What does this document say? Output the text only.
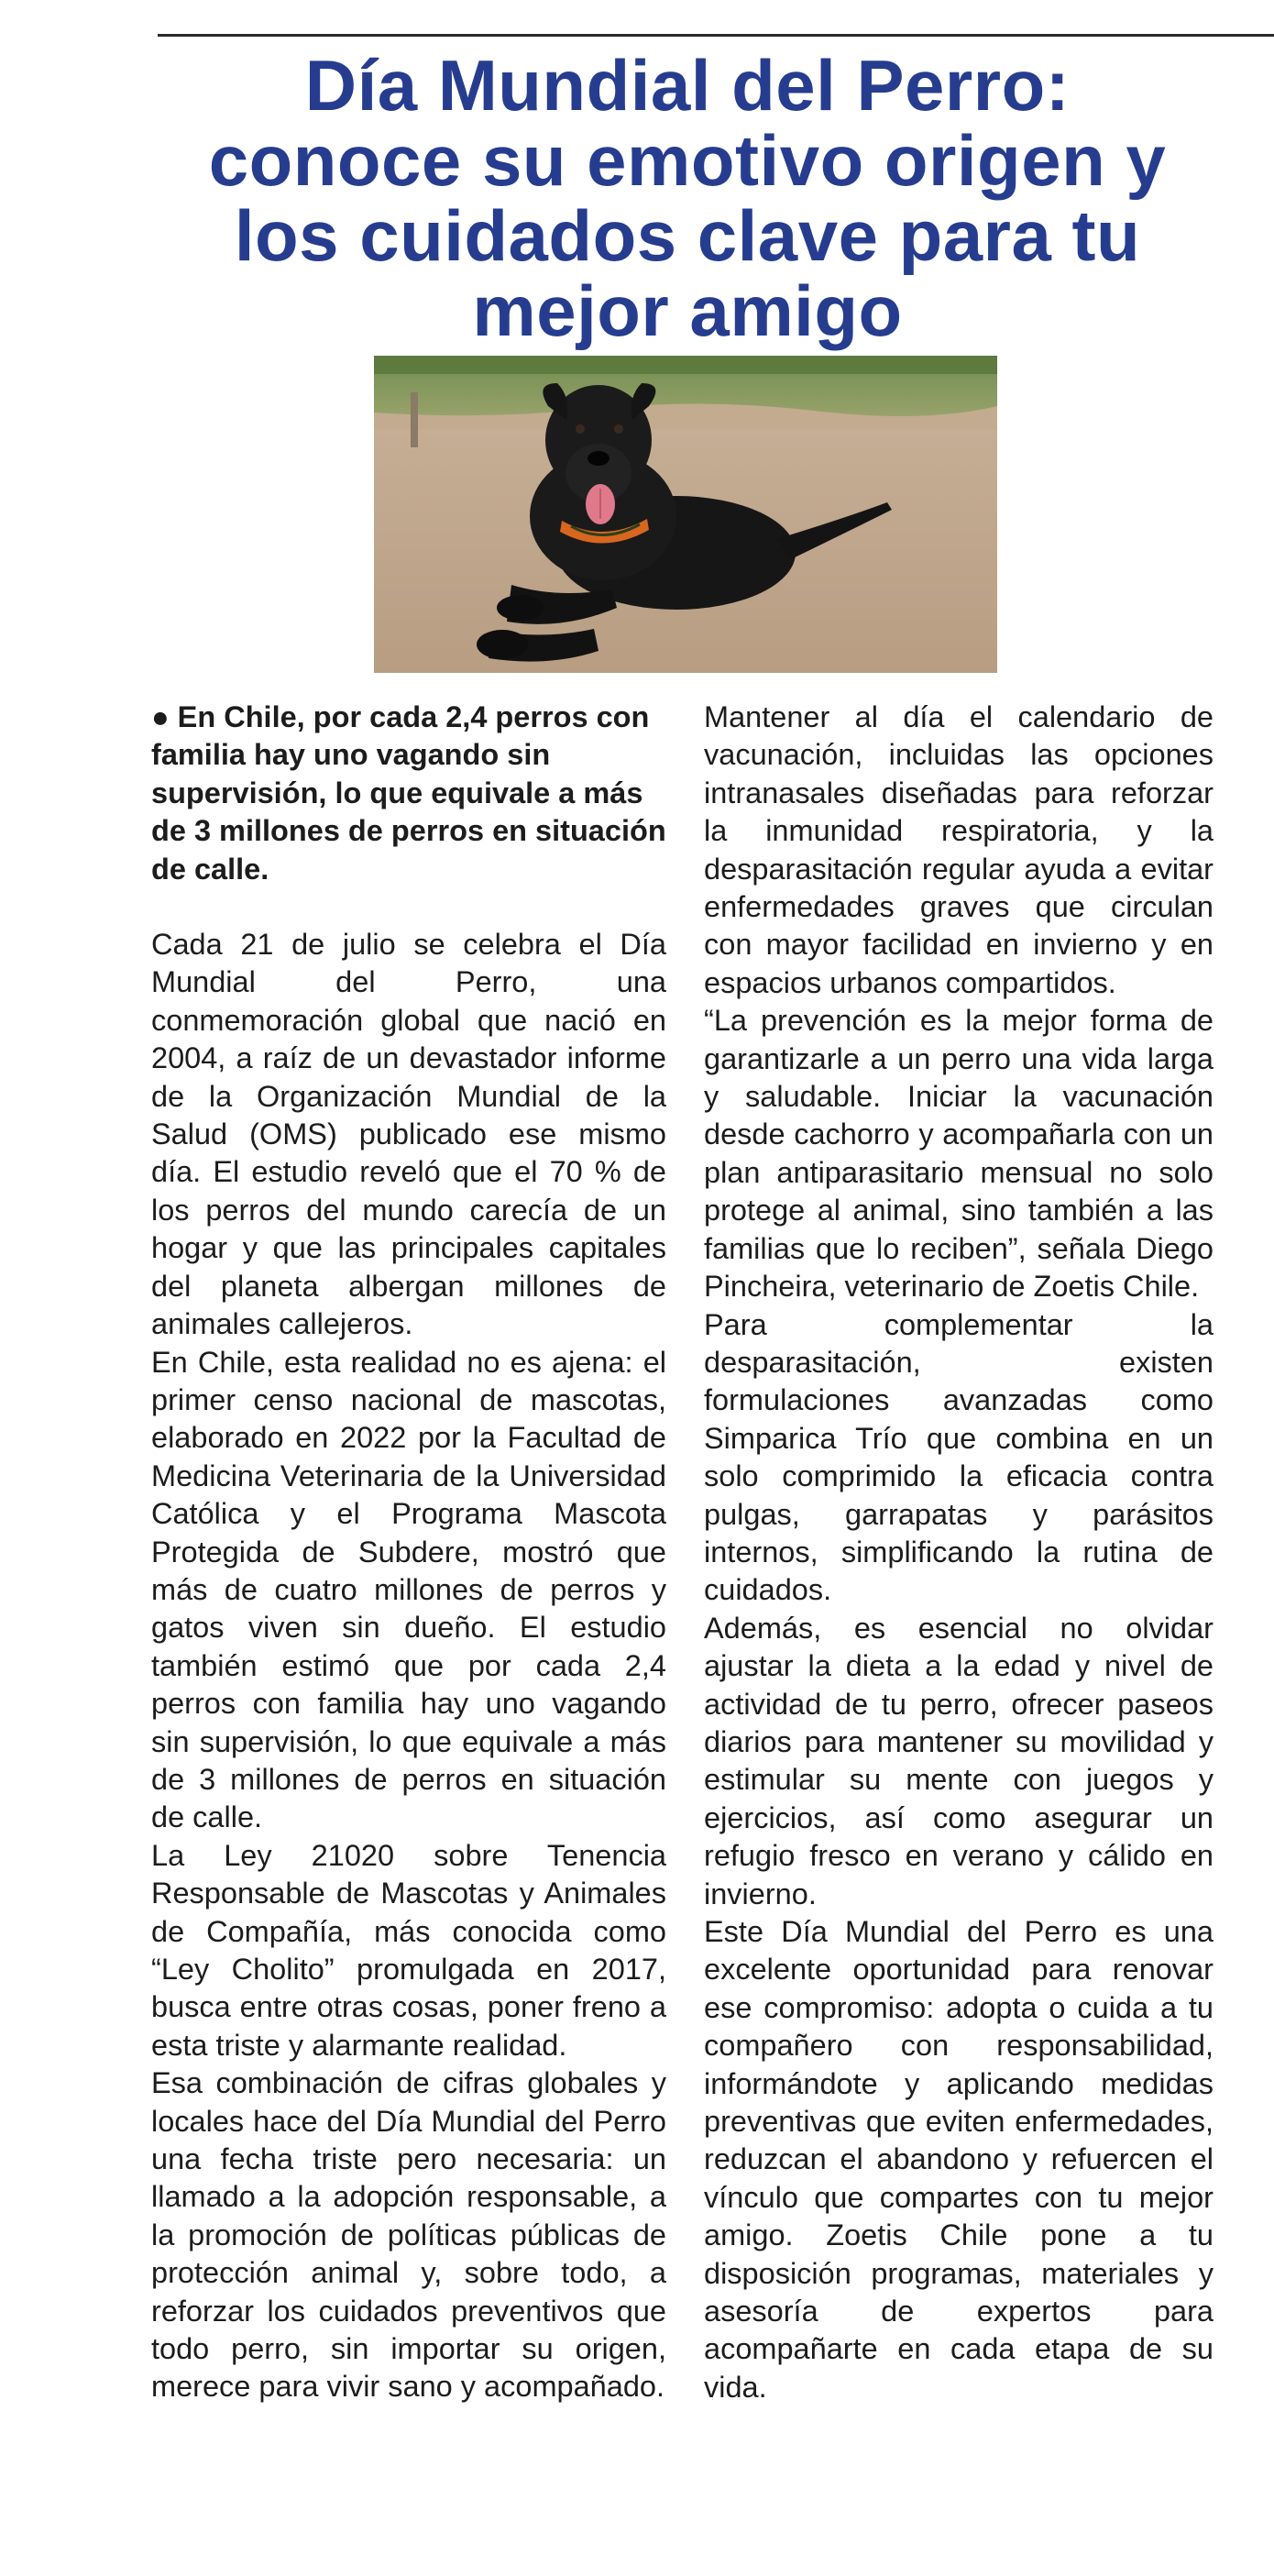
Día Mundial del Perro:
conoce su emotivo origen y
los cuidados clave para tu
mejor amigo

● En Chile, por cada 2,4 perros con familia hay uno vagando sin supervisión, lo que equivale a más de 3 millones de perros en situación de calle.

Cada 21 de julio se celebra el Día Mundial del Perro, una conmemoración global que nació en 2004, a raíz de un devastador informe de la Organización Mundial de la Salud (OMS) publicado ese mismo día. El estudio reveló que el 70 % de los perros del mundo carecía de un hogar y que las principales capitales del planeta albergan millones de animales callejeros.

En Chile, esta realidad no es ajena: el primer censo nacional de mascotas, elaborado en 2022 por la Facultad de Medicina Veterinaria de la Universidad Católica y el Programa Mascota Protegida de Subdere, mostró que más de cuatro millones de perros y gatos viven sin dueño. El estudio también estimó que por cada 2,4 perros con familia hay uno vagando sin supervisión, lo que equivale a más de 3 millones de perros en situación de calle.

La Ley 21020 sobre Tenencia Responsable de Mascotas y Animales de Compañía, más conocida como “Ley Cholito” promulgada en 2017, busca entre otras cosas, poner freno a esta triste y alarmante realidad.

Esa combinación de cifras globales y locales hace del Día Mundial del Perro una fecha triste pero necesaria: un llamado a la adopción responsable, a la promoción de políticas públicas de protección animal y, sobre todo, a reforzar los cuidados preventivos que todo perro, sin importar su origen, merece para vivir sano y acompañado.

Mantener al día el calendario de vacunación, incluidas las opciones intranasales diseñadas para reforzar la inmunidad respiratoria, y la desparasitación regular ayuda a evitar enfermedades graves que circulan con mayor facilidad en invierno y en espacios urbanos compartidos.

“La prevención es la mejor forma de garantizarle a un perro una vida larga y saludable. Iniciar la vacunación desde cachorro y acompañarla con un plan antiparasitario mensual no solo protege al animal, sino también a las familias que lo reciben”, señala Diego Pincheira, veterinario de Zoetis Chile.

Para complementar la desparasitación, existen formulaciones avanzadas como Simparica Trío que combina en un solo comprimido la eficacia contra pulgas, garrapatas y parásitos internos, simplificando la rutina de cuidados.

Además, es esencial no olvidar ajustar la dieta a la edad y nivel de actividad de tu perro, ofrecer paseos diarios para mantener su movilidad y estimular su mente con juegos y ejercicios, así como asegurar un refugio fresco en verano y cálido en invierno.

Este Día Mundial del Perro es una excelente oportunidad para renovar ese compromiso: adopta o cuida a tu compañero con responsabilidad, informándote y aplicando medidas preventivas que eviten enfermedades, reduzcan el abandono y refuercen el vínculo que compartes con tu mejor amigo. Zoetis Chile pone a tu disposición programas, materiales y asesoría de expertos para acompañarte en cada etapa de su vida.
